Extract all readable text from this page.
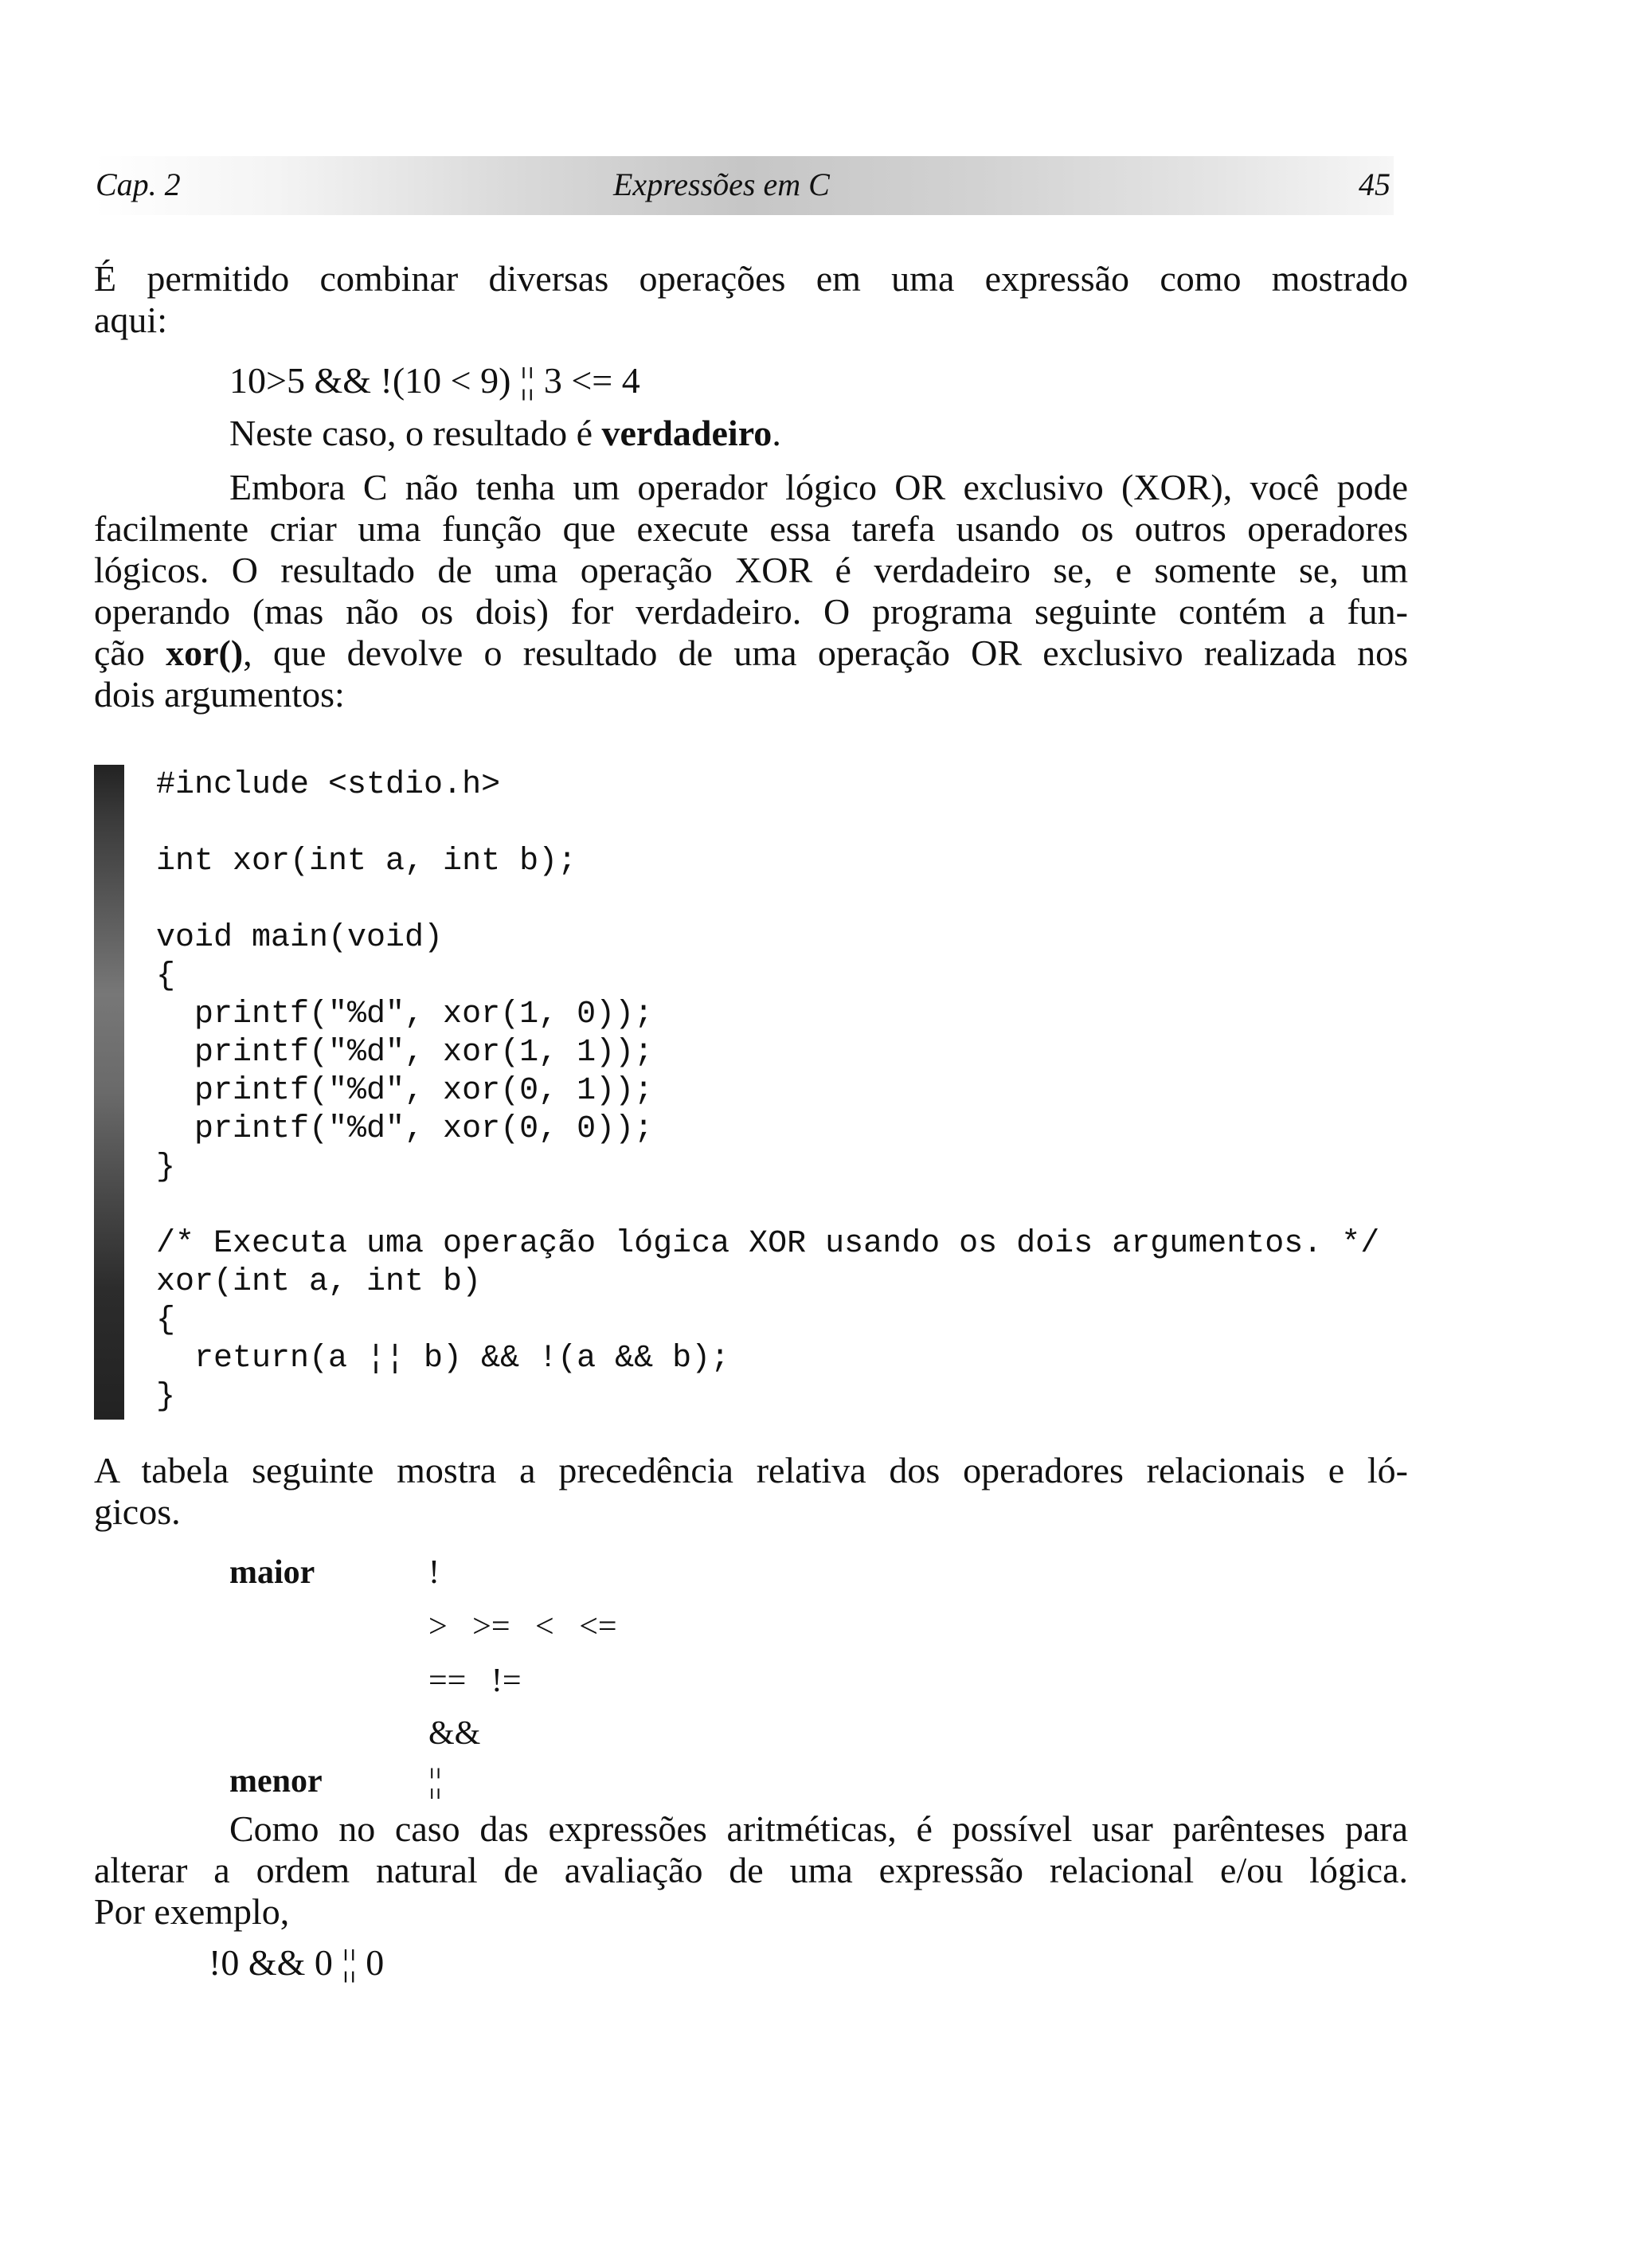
Cap. 2	Expressões em C	45
É permitido combinar diversas operações em uma expressão como mostrado
aqui:
10>5 && !(10 < 9) ¦¦ 3 <= 4
Neste caso, o resultado é verdadeiro.
Embora C não tenha um operador lógico OR exclusivo (XOR), você pode
facilmente criar uma função que execute essa tarefa usando os outros operadores
lógicos. O resultado de uma operação XOR é verdadeiro se, e somente se, um
operando (mas não os dois) for verdadeiro. O programa seguinte contém a fun-
ção xor(), que devolve o resultado de uma operação OR exclusivo realizada nos
dois argumentos:
#include <stdio.h>

int xor(int a, int b);

void main(void)
{
printf("%d", xor(1, 0));
printf("%d", xor(1, 1));
printf("%d", xor(0, 1));
printf("%d", xor(0, 0));
}

/* Executa uma operação lógica XOR usando os dois argumentos. */
xor(int a, int b)
{
return(a ¦¦ b) && !(a && b);
}
A tabela seguinte mostra a precedência relativa dos operadores relacionais e ló-
gicos.
maior	!
>   >=   <   <=
==   !=
&&
menor	¦¦
Como no caso das expressões aritméticas, é possível usar parênteses para
alterar a ordem natural de avaliação de uma expressão relacional e/ou lógica.
Por exemplo,
!0 && 0 ¦¦ 0
